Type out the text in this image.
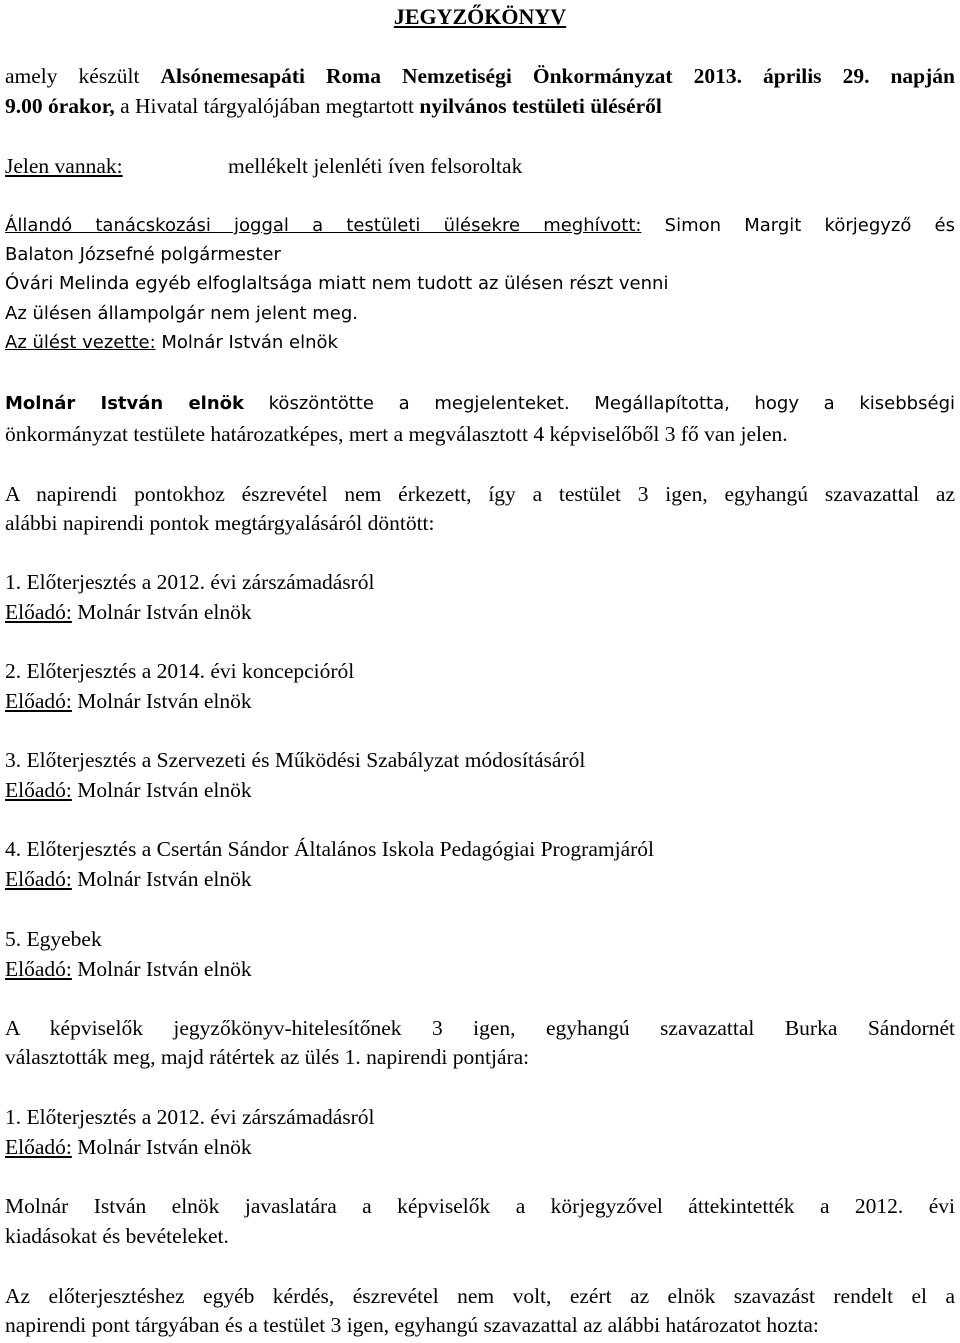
JEGYZŐKÖNYV
amely készült Alsónemesapáti Roma Nemzetiségi Önkormányzat 2013. április 29. napján
9.00 órakor, a Hivatal tárgyalójában megtartott nyilvános testületi üléséről
Jelen vannak:	mellékelt jelenléti íven felsoroltak
Állandó tanácskozási joggal a testületi ülésekre meghívott: Simon Margit körjegyző és
Balaton Józsefné polgármester
Óvári Melinda egyéb elfoglaltsága miatt nem tudott az ülésen részt venni
Az ülésen állampolgár nem jelent meg.
Az ülést vezette: Molnár István elnök
Molnár István elnök köszöntötte a megjelenteket. Megállapította, hogy a kisebbségi
önkormányzat testülete határozatképes, mert a megválasztott 4 képviselőből 3 fő van jelen.
A napirendi pontokhoz észrevétel nem érkezett, így a testület 3 igen, egyhangú szavazattal az
alábbi napirendi pontok megtárgyalásáról döntött:
1. Előterjesztés a 2012. évi zárszámadásról
Előadó: Molnár István elnök
2. Előterjesztés a 2014. évi koncepcióról
Előadó: Molnár István elnök
3. Előterjesztés a Szervezeti és Működési Szabályzat módosításáról
Előadó: Molnár István elnök
4. Előterjesztés a Csertán Sándor Általános Iskola Pedagógiai Programjáról
Előadó: Molnár István elnök
5. Egyebek
Előadó: Molnár István elnök
A képviselők jegyzőkönyv-hitelesítőnek 3 igen, egyhangú szavazattal Burka Sándornét
választották meg, majd rátértek az ülés 1. napirendi pontjára:
1. Előterjesztés a 2012. évi zárszámadásról
Előadó: Molnár István elnök
Molnár István elnök javaslatára a képviselők a körjegyzővel áttekintették a 2012. évi
kiadásokat és bevételeket.
Az előterjesztéshez egyéb kérdés, észrevétel nem volt, ezért az elnök szavazást rendelt el a
napirendi pont tárgyában és a testület 3 igen, egyhangú szavazattal az alábbi határozatot hozta:
